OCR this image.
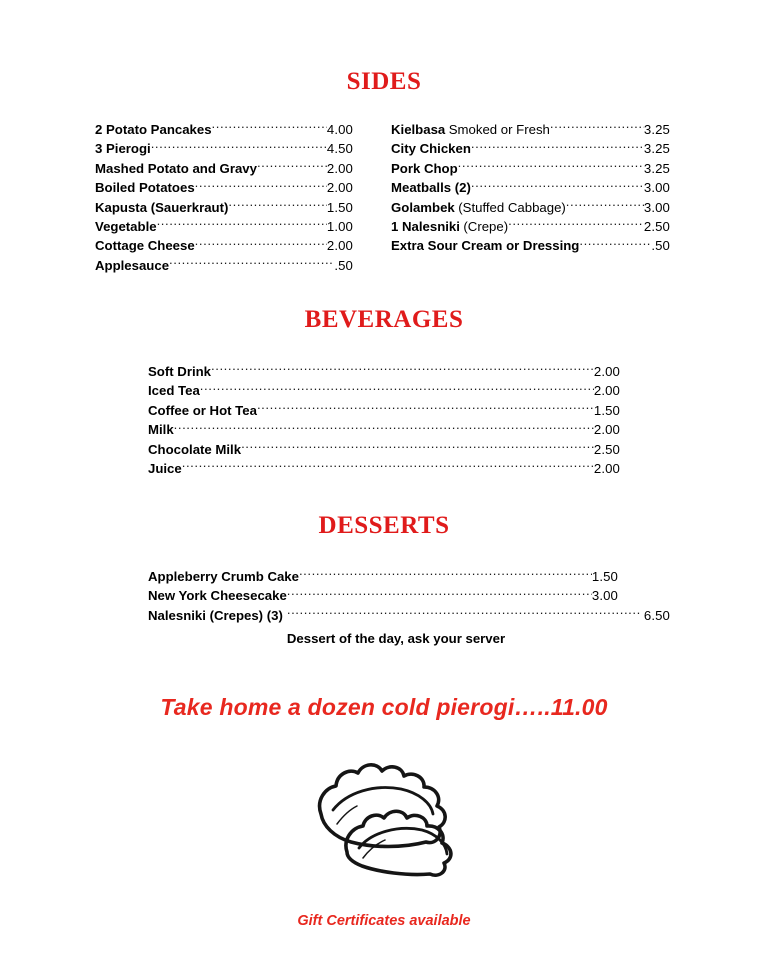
SIDES
2 Potato Pancakes .....	4.00
3 Pierogi .....	4.50
Mashed Potato and Gravy .....	2.00
Boiled Potatoes .....	2.00
Kapusta (Sauerkraut) .....	1.50
Vegetable .....	1.00
Cottage Cheese .....	2.00
Applesauce .....	.50
Kielbasa Smoked or Fresh .....	3.25
City Chicken .....	3.25
Pork Chop .....	3.25
Meatballs (2) .....	3.00
Golambek (Stuffed Cabbage) .....	3.00
1 Nalesniki (Crepe) .....	2.50
Extra Sour Cream or Dressing .....	.50
BEVERAGES
Soft Drink .....	2.00
Iced Tea .....	2.00
Coffee or Hot Tea .....	1.50
Milk .....	2.00
Chocolate Milk .....	2.50
Juice .....	2.00
DESSERTS
Appleberry Crumb Cake .....	1.50
New York Cheesecake .....	3.00
Nalesniki (Crepes) (3) .....	6.50
Dessert of the day, ask your server
Take home a dozen cold pierogi…..11.00
Gift Certificates available
